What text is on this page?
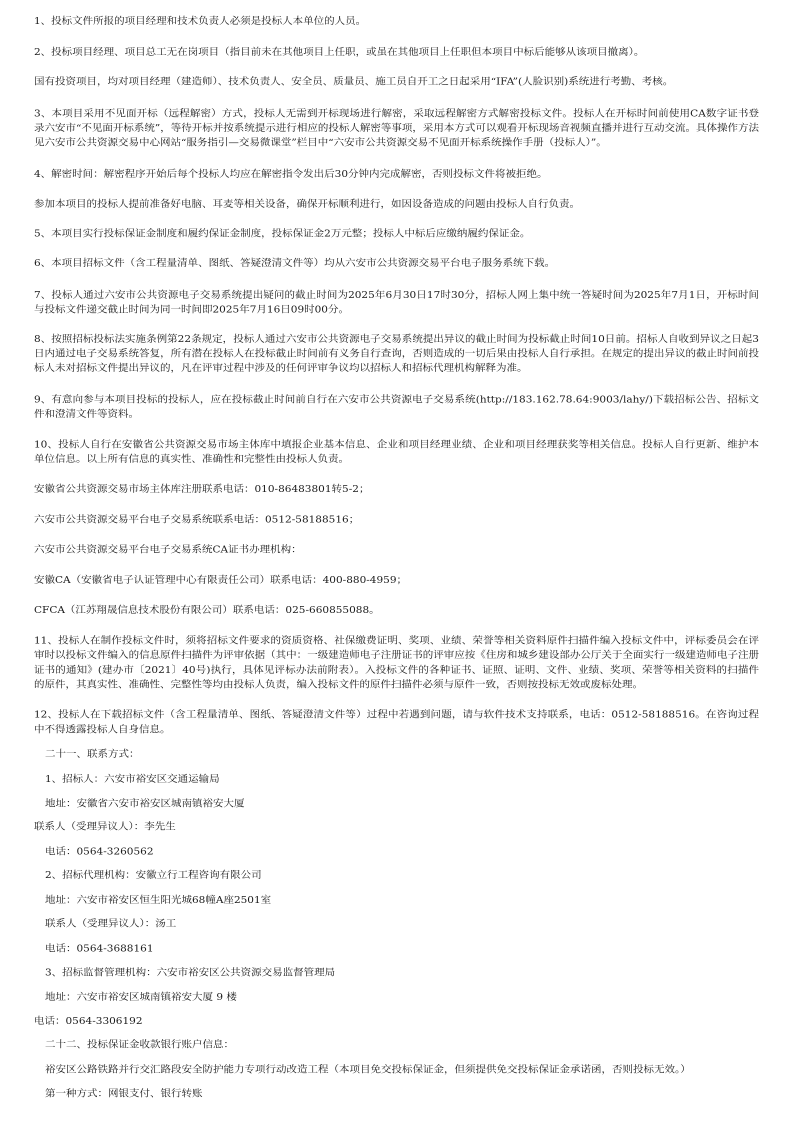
1、投标文件所报的项目经理和技术负责人必须是投标人本单位的人员。

2、投标项目经理、项目总工无在岗项目（指目前未在其他项目上任职，或虽在其他项目上任职但本项目中标后能够从该项目撤离）。

国有投资项目，均对项目经理（建造师）、技术负责人、安全员、质量员、施工员自开工之日起采用“IFA”(人脸识别)系统进行考勤、考核。

3、本项目采用不见面开标（远程解密）方式，投标人无需到开标现场进行解密，采取远程解密方式解密投标文件。投标人在开标时间前使用CA数字证书登录六安市“不见面开标系统”，等待开标并按系统提示进行相应的投标人解密等事项，采用本方式可以观看开标现场音视频直播并进行互动交流。具体操作方法见六安市公共资源交易中心网站“服务指引—交易微课堂”栏目中“六安市公共资源交易不见面开标系统操作手册（投标人）”。

4、解密时间：解密程序开始后每个投标人均应在解密指令发出后30分钟内完成解密，否则投标文件将被拒绝。

参加本项目的投标人提前准备好电脑、耳麦等相关设备，确保开标顺利进行，如因设备造成的问题由投标人自行负责。

5、本项目实行投标保证金制度和履约保证金制度，投标保证金2万元整；投标人中标后应缴纳履约保证金。

6、本项目招标文件（含工程量清单、图纸、答疑澄清文件等）均从六安市公共资源交易平台电子服务系统下载。

7、投标人通过六安市公共资源电子交易系统提出疑问的截止时间为2025年6月30日17时30分，招标人网上集中统一答疑时间为2025年7月1日，开标时间与投标文件递交截止时间为同一时间即2025年7月16日09时00分。

8、按照招标投标法实施条例第22条规定，投标人通过六安市公共资源电子交易系统提出异议的截止时间为投标截止时间10日前。招标人自收到异议之日起3日内通过电子交易系统答复，所有潜在投标人在投标截止时间前有义务自行查询，否则造成的一切后果由投标人自行承担。在规定的提出异议的截止时间前投标人未对招标文件提出异议的，凡在评审过程中涉及的任何评审争议均以招标人和招标代理机构解释为准。

9、有意向参与本项目投标的投标人，应在投标截止时间前自行在六安市公共资源电子交易系统(http://183.162.78.64:9003/lahy/)下载招标公告、招标文件和澄清文件等资料。

10、投标人自行在安徽省公共资源交易市场主体库中填报企业基本信息、企业和项目经理业绩、企业和项目经理获奖等相关信息。投标人自行更新、维护本单位信息。以上所有信息的真实性、准确性和完整性由投标人负责。

安徽省公共资源交易市场主体库注册联系电话：010-86483801转5-2；

六安市公共资源交易平台电子交易系统联系电话：0512-58188516；

六安市公共资源交易平台电子交易系统CA证书办理机构：

安徽CA（安徽省电子认证管理中心有限责任公司）联系电话：400-880-4959；

CFCA（江苏翔晟信息技术股份有限公司）联系电话：025-660855088。

11、投标人在制作投标文件时，须将招标文件要求的资质资格、社保缴费证明、奖项、业绩、荣誉等相关资料原件扫描件编入投标文件中，评标委员会在评审时以投标文件编入的信息原件扫描件为评审依据（其中：一级建造师电子注册证书的评审应按《住房和城乡建设部办公厅关于全面实行一级建造师电子注册证书的通知》(建办市〔2021〕40号)执行，具体见评标办法前附表）。入投标文件的各种证书、证照、证明、文件、业绩、奖项、荣誉等相关资料的扫描件的原件，其真实性、准确性、完整性等均由投标人负责，编入投标文件的原件扫描件必须与原件一致，否则按投标无效或废标处理。

12、投标人在下载招标文件（含工程量清单、图纸、答疑澄清文件等）过程中若遇到问题，请与软件技术支持联系，电话：0512-58188516。在咨询过程中不得透露投标人自身信息。

二十一、联系方式：

1、招标人：六安市裕安区交通运输局

地址：安徽省六安市裕安区城南镇裕安大厦

联系人（受理异议人）：李先生

电话：0564-3260562

2、招标代理机构：安徽立行工程咨询有限公司

地址：六安市裕安区恒生阳光城68幢A座2501室

联系人（受理异议人）：汤工

电话：0564-3688161

3、招标监督管理机构：六安市裕安区公共资源交易监督管理局

地址：六安市裕安区城南镇裕安大厦 9 楼

电话：0564-3306192

二十二、投标保证金收款银行账户信息：

裕安区公路铁路并行交汇路段安全防护能力专项行动改造工程（本项目免交投标保证金，但须提供免交投标保证金承诺函，否则投标无效。）

第一种方式：网银支付、银行转账
